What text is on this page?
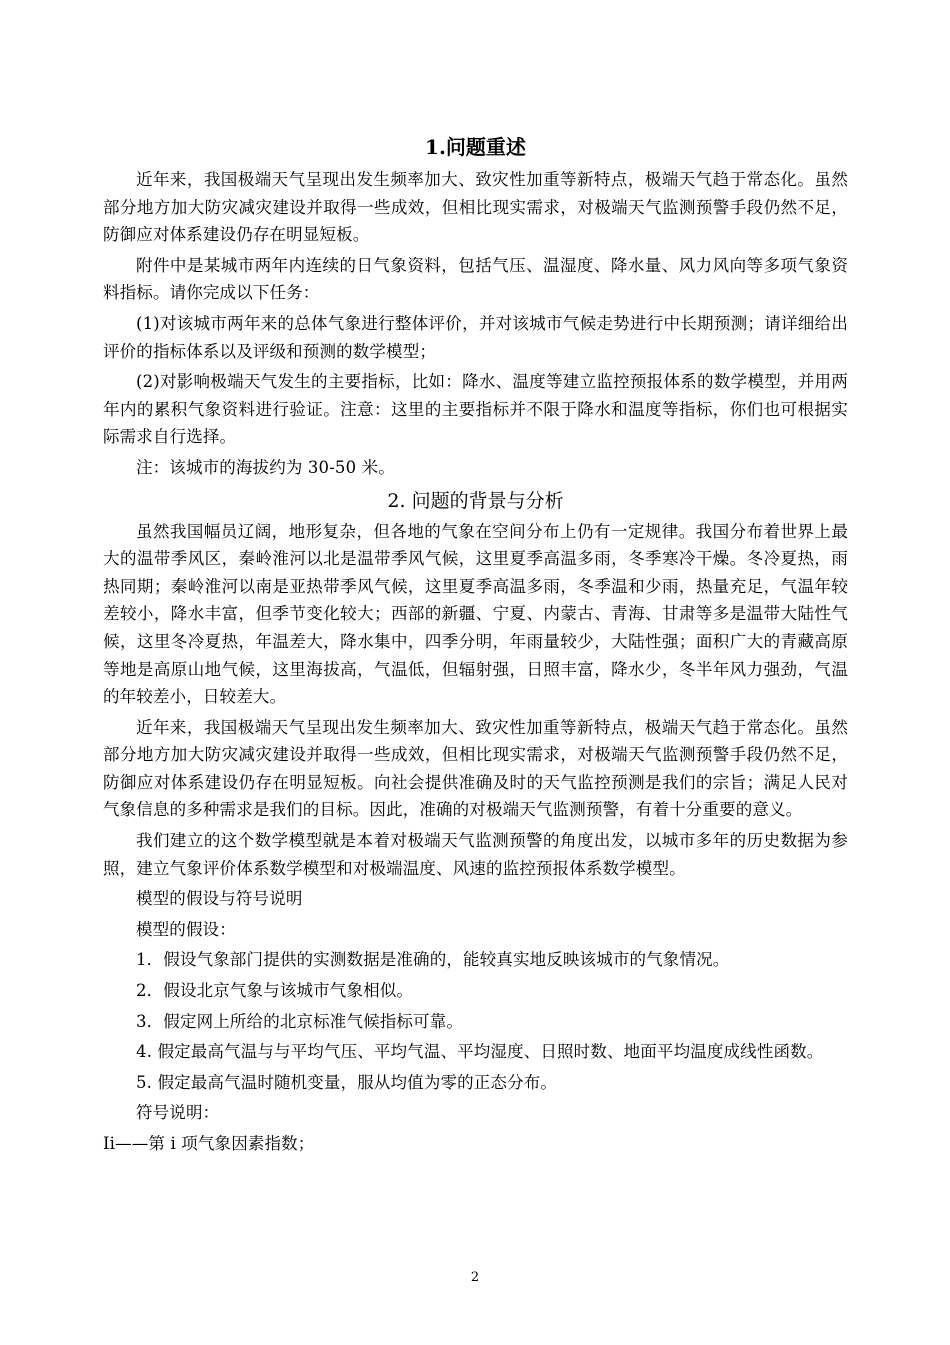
1.问题重述

近年来，我国极端天气呈现出发生频率加大、致灾性加重等新特点，极端天气趋于常态化。虽然部分地方加大防灾减灾建设并取得一些成效，但相比现实需求，对极端天气监测预警手段仍然不足，防御应对体系建设仍存在明显短板。

附件中是某城市两年内连续的日气象资料，包括气压、温湿度、降水量、风力风向等多项气象资料指标。请你完成以下任务：

(1)对该城市两年来的总体气象进行整体评价，并对该城市气候走势进行中长期预测；请详细给出评价的指标体系以及评级和预测的数学模型；

(2)对影响极端天气发生的主要指标，比如：降水、温度等建立监控预报体系的数学模型，并用两年内的累积气象资料进行验证。注意：这里的主要指标并不限于降水和温度等指标，你们也可根据实际需求自行选择。

注：该城市的海拔约为 30-50 米。

2. 问题的背景与分析

虽然我国幅员辽阔，地形复杂，但各地的气象在空间分布上仍有一定规律。我国分布着世界上最大的温带季风区，秦岭淮河以北是温带季风气候，这里夏季高温多雨，冬季寒冷干燥。冬冷夏热，雨热同期；秦岭淮河以南是亚热带季风气候，这里夏季高温多雨，冬季温和少雨，热量充足，气温年较差较小，降水丰富，但季节变化较大；西部的新疆、宁夏、内蒙古、青海、甘肃等多是温带大陆性气候，这里冬冷夏热，年温差大，降水集中，四季分明，年雨量较少，大陆性强；面积广大的青藏高原等地是高原山地气候，这里海拔高，气温低，但辐射强，日照丰富，降水少，冬半年风力强劲，气温的年较差小，日较差大。

近年来，我国极端天气呈现出发生频率加大、致灾性加重等新特点，极端天气趋于常态化。虽然部分地方加大防灾减灾建设并取得一些成效，但相比现实需求，对极端天气监测预警手段仍然不足，防御应对体系建设仍存在明显短板。向社会提供准确及时的天气监控预测是我们的宗旨；满足人民对气象信息的多种需求是我们的目标。因此，准确的对极端天气监测预警，有着十分重要的意义。

我们建立的这个数学模型就是本着对极端天气监测预警的角度出发，以城市多年的历史数据为参照，建立气象评价体系数学模型和对极端温度、风速的监控预报体系数学模型。

模型的假设与符号说明

模型的假设：

1．假设气象部门提供的实测数据是准确的，能较真实地反映该城市的气象情况。

2．假设北京气象与该城市气象相似。

3．假定网上所给的北京标准气候指标可靠。

4. 假定最高气温与与平均气压、平均气温、平均湿度、日照时数、地面平均温度成线性函数。

5. 假定最高气温时随机变量，服从均值为零的正态分布。

符号说明：

Ii——第 i 项气象因素指数；

2
